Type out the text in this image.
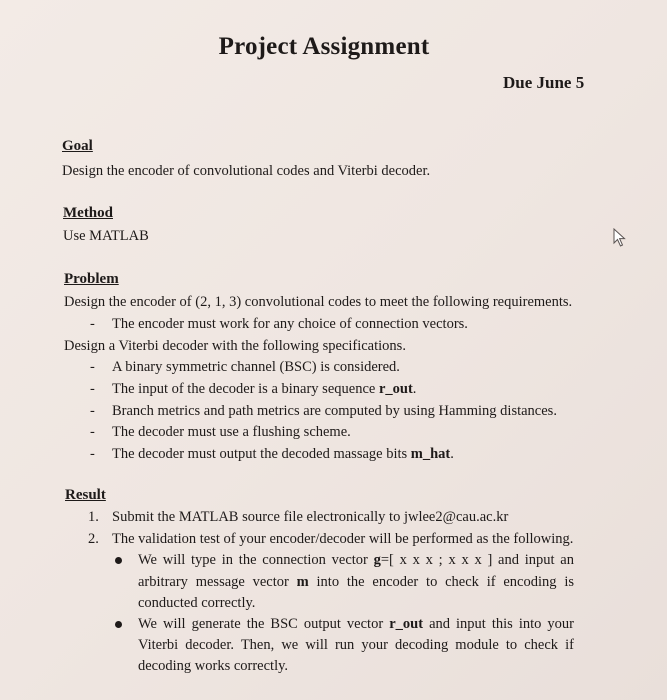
Project Assignment
Due June 5
Goal
Design the encoder of convolutional codes and Viterbi decoder.
Method
Use MATLAB
Problem
Design the encoder of (2, 1, 3) convolutional codes to meet the following requirements.
- The encoder must work for any choice of connection vectors.
Design a Viterbi decoder with the following specifications.
- A binary symmetric channel (BSC) is considered.
- The input of the decoder is a binary sequence r_out.
- Branch metrics and path metrics are computed by using Hamming distances.
- The decoder must use a flushing scheme.
- The decoder must output the decoded massage bits m_hat.
Result
1. Submit the MATLAB source file electronically to jwlee2@cau.ac.kr
2. The validation test of your encoder/decoder will be performed as the following.
We will type in the connection vector g=[ x x x ; x x x ] and input an
arbitrary message vector m into the encoder to check if encoding is
conducted correctly.
We will generate the BSC output vector r_out and input this into your
Viterbi decoder. Then, we will run your decoding module to check if
decoding works correctly.
